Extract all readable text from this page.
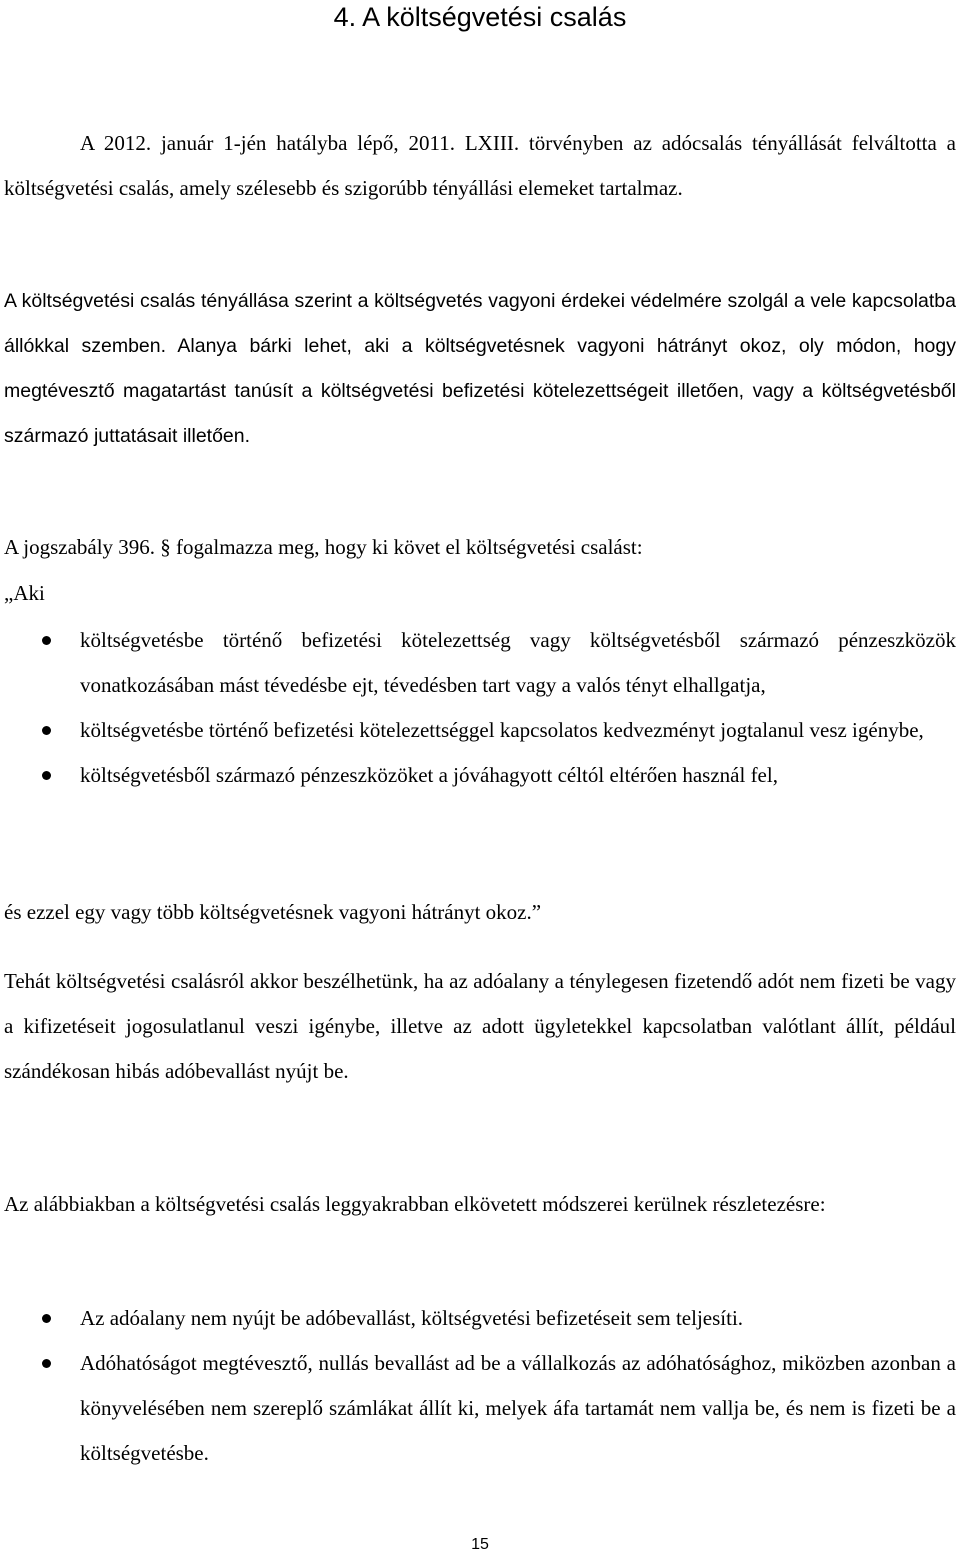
4. A költségvetési csalás

A 2012. január 1-jén hatályba lépő, 2011. LXIII. törvényben az adócsalás tényállását felváltotta a költségvetési csalás, amely szélesebb és szigorúbb tényállási elemeket tartalmaz.

A költségvetési csalás tényállása szerint a költségvetés vagyoni érdekei védelmére szolgál a vele kapcsolatba állókkal szemben. Alanya bárki lehet, aki a költségvetésnek vagyoni hátrányt okoz, oly módon, hogy megtévesztő magatartást tanúsít a költségvetési befizetési kötelezettségeit illetően, vagy a költségvetésből származó juttatásait illetően.

A jogszabály 396. § fogalmazza meg, hogy ki követ el költségvetési csalást:

„Aki

költségvetésbe történő befizetési kötelezettség vagy költségvetésből származó pénzeszközök vonatkozásában mást tévedésbe ejt, tévedésben tart vagy a valós tényt elhallgatja,
költségvetésbe történő befizetési kötelezettséggel kapcsolatos kedvezményt jogtalanul vesz igénybe,
költségvetésből származó pénzeszközöket a jóváhagyott céltól eltérően használ fel,

és ezzel egy vagy több költségvetésnek vagyoni hátrányt okoz.”

Tehát költségvetési csalásról akkor beszélhetünk, ha az adóalany a ténylegesen fizetendő adót nem fizeti be vagy a kifizetéseit jogosulatlanul veszi igénybe, illetve az adott ügyletekkel kapcsolatban valótlant állít, például szándékosan hibás adóbevallást nyújt be.

Az alábbiakban a költségvetési csalás leggyakrabban elkövetett módszerei kerülnek részletezésre:

Az adóalany nem nyújt be adóbevallást, költségvetési befizetéseit sem teljesíti.
Adóhatóságot megtévesztő, nullás bevallást ad be a vállalkozás az adóhatósághoz, miközben azonban a könyvelésében nem szereplő számlákat állít ki, melyek áfa tartamát nem vallja be, és nem is fizeti be a költségvetésbe.
15
